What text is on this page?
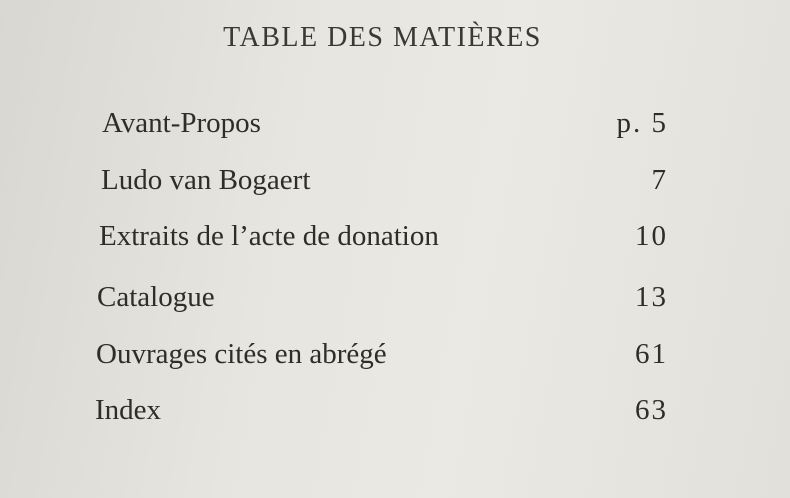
TABLE DES MATIÈRES
Avant-Propos	p. 5
Ludo van Bogaert	7
Extraits de l’acte de donation	10
Catalogue	13
Ouvrages cités en abrégé	61
Index	63
